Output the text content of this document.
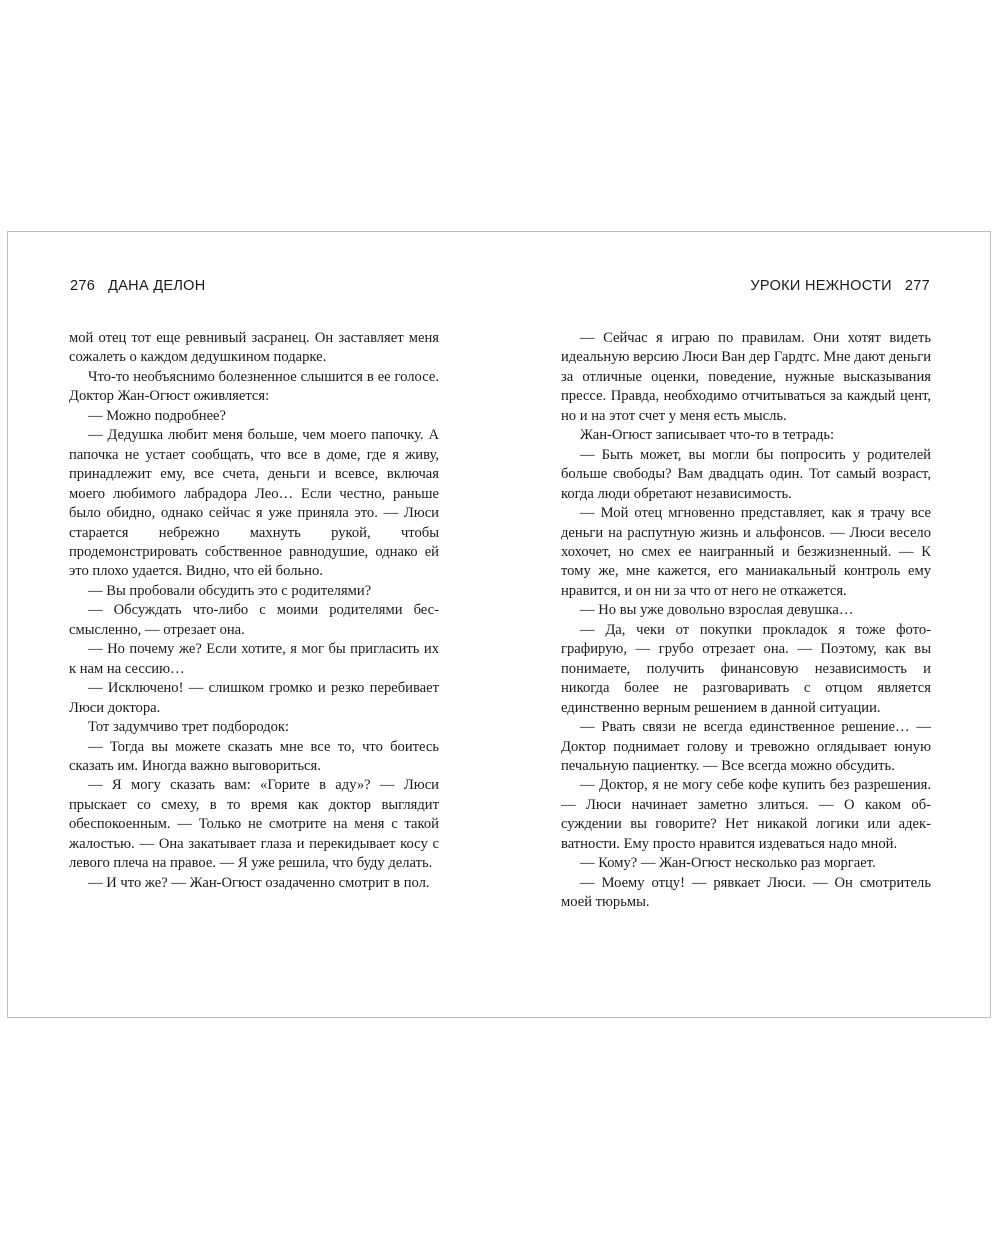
276 ДАНА ДЕЛОН	УРОКИ НЕЖНОСТИ 277

мой отец тот еще ревнивый засранец. Он заставляет меня сожалеть о каждом дедушкином подарке.

Что-то необъяснимо болезненное слышится в ее голосе. Доктор Жан-Огюст оживляется:

— Можно подробнее?

— Дедушка любит меня больше, чем моего папочку. А папочка не устает сообщать, что все в доме, где я живу, принадлежит ему, все счета, деньги и всевсе, включая моего любимого лабрадора Лео… Если честно, раньше было обидно, однако сейчас я уже приняла это. — Люси старается небрежно махнуть рукой, чтобы продемонстрировать собственное равнодушие, однако ей это плохо удается. Видно, что ей больно.

— Вы пробовали обсудить это с родителями?

— Обсуждать что-либо с моими родителями бессмысленно, — отрезает она.

— Но почему же? Если хотите, я мог бы пригласить их к нам на сессию…

— Исключено! — слишком громко и резко перебивает Люси доктора.

Тот задумчиво трет подбородок:

— Тогда вы можете сказать мне все то, что боитесь сказать им. Иногда важно выговориться.

— Я могу сказать вам: «Горите в аду»? — Люси прыскает со смеху, в то время как доктор выглядит обеспокоенным. — Только не смотрите на меня с такой жалостью. — Она закатывает глаза и перекидывает косу с левого плеча на правое. — Я уже решила, что буду делать.

— И что же? — Жан-Огюст озадаченно смотрит в пол.

— Сейчас я играю по правилам. Они хотят видеть идеальную версию Люси Ван дер Гардтс. Мне дают деньги за отличные оценки, поведение, нужные высказывания прессе. Правда, необходимо отчитываться за каждый цент, но и на этот счет у меня есть мысль.

Жан-Огюст записывает что-то в тетрадь:

— Быть может, вы могли бы попросить у родителей больше свободы? Вам двадцать один. Тот самый возраст, когда люди обретают независимость.

— Мой отец мгновенно представляет, как я трачу все деньги на распутную жизнь и альфонсов. — Люси весело хохочет, но смех ее наигранный и безжизненный. — К тому же, мне кажется, его маниакальный контроль ему нравится, и он ни за что от него не откажется.

— Но вы уже довольно взрослая девушка…

— Да, чеки от покупки прокладок я тоже фотографирую, — грубо отрезает она. — Поэтому, как вы понимаете, получить финансовую независимость и никогда более не разговаривать с отцом является единственно верным решением в данной ситуации.

— Рвать связи не всегда единственное решение… — Доктор поднимает голову и тревожно оглядывает юную печальную пациентку. — Все всегда можно обсудить.

— Доктор, я не могу себе кофе купить без разрешения. — Люси начинает заметно злиться. — О каком обсуждении вы говорите? Нет никакой логики или адекватности. Ему просто нравится издеваться надо мной.

— Кому? — Жан-Огюст несколько раз моргает.

— Моему отцу! — рявкает Люси. — Он смотритель моей тюрьмы.
